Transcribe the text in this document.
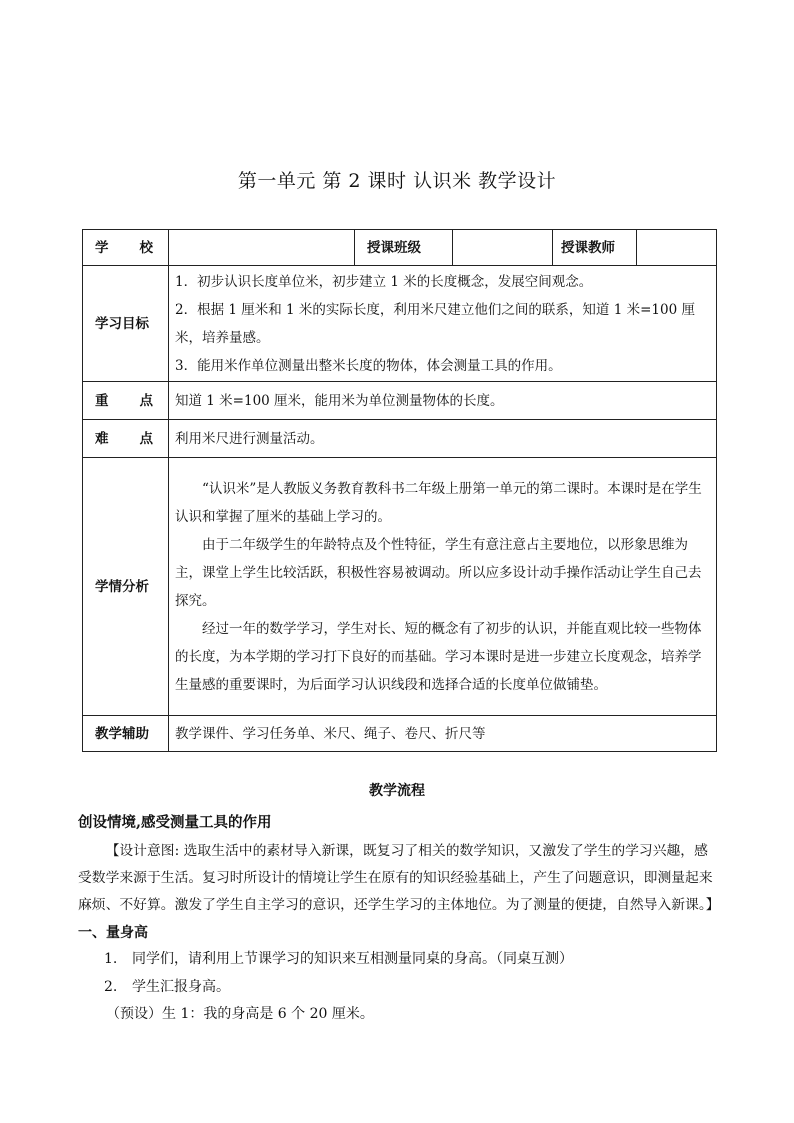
第一单元 第 2 课时 认识米 教学设计
学 校		授课班级		授课教师	
学习目标	1．初步认识长度单位米，初步建立 1 米的长度概念，发展空间观念。
2．根据 1 厘米和 1 米的实际长度，利用米尺建立他们之间的联系，知道 1 米=100 厘米，培养量感。
3．能用米作单位测量出整米长度的物体，体会测量工具的作用。				

重 点	知道 1 米=100 厘米，能用米为单位测量物体的长度。				

难 点	利用米尺进行测量活动。				
学情分析	“认识米”是人教版义务教育教科书二年级上册第一单元的第二课时。本课时是在学生认识和掌握了厘米的基础上学习的。

由于二年级学生的年龄特点及个性特征，学生有意注意占主要地位，以形象思维为主，课堂上学生比较活跃，积极性容易被调动。所以应多设计动手操作活动让学生自己去探究。

经过一年的数学学习，学生对长、短的概念有了初步的认识，并能直观比较一些物体的长度，为本学期的学习打下良好的而基础。学习本课时是进一步建立长度观念，培养学生量感的重要课时，为后面学习认识线段和选择合适的长度单位做铺垫。				

教学辅助	教学课件、学习任务单、米尺、绳子、卷尺、折尺等				
教学流程
创设情境,感受测量工具的作用
【设计意图: 选取生活中的素材导入新课，既复习了相关的数学知识，又激发了学生的学习兴趣，感受数学来源于生活。复习时所设计的情境让学生在原有的知识经验基础上，产生了问题意识，即测量起来麻烦、不好算。激发了学生自主学习的意识，还学生学习的主体地位。为了测量的便捷，自然导入新课。】
一、量身高
1. 同学们，请利用上节课学习的知识来互相测量同桌的身高。（同桌互测）
2. 学生汇报身高。
（预设）生 1：我的身高是 6 个 20 厘米。
